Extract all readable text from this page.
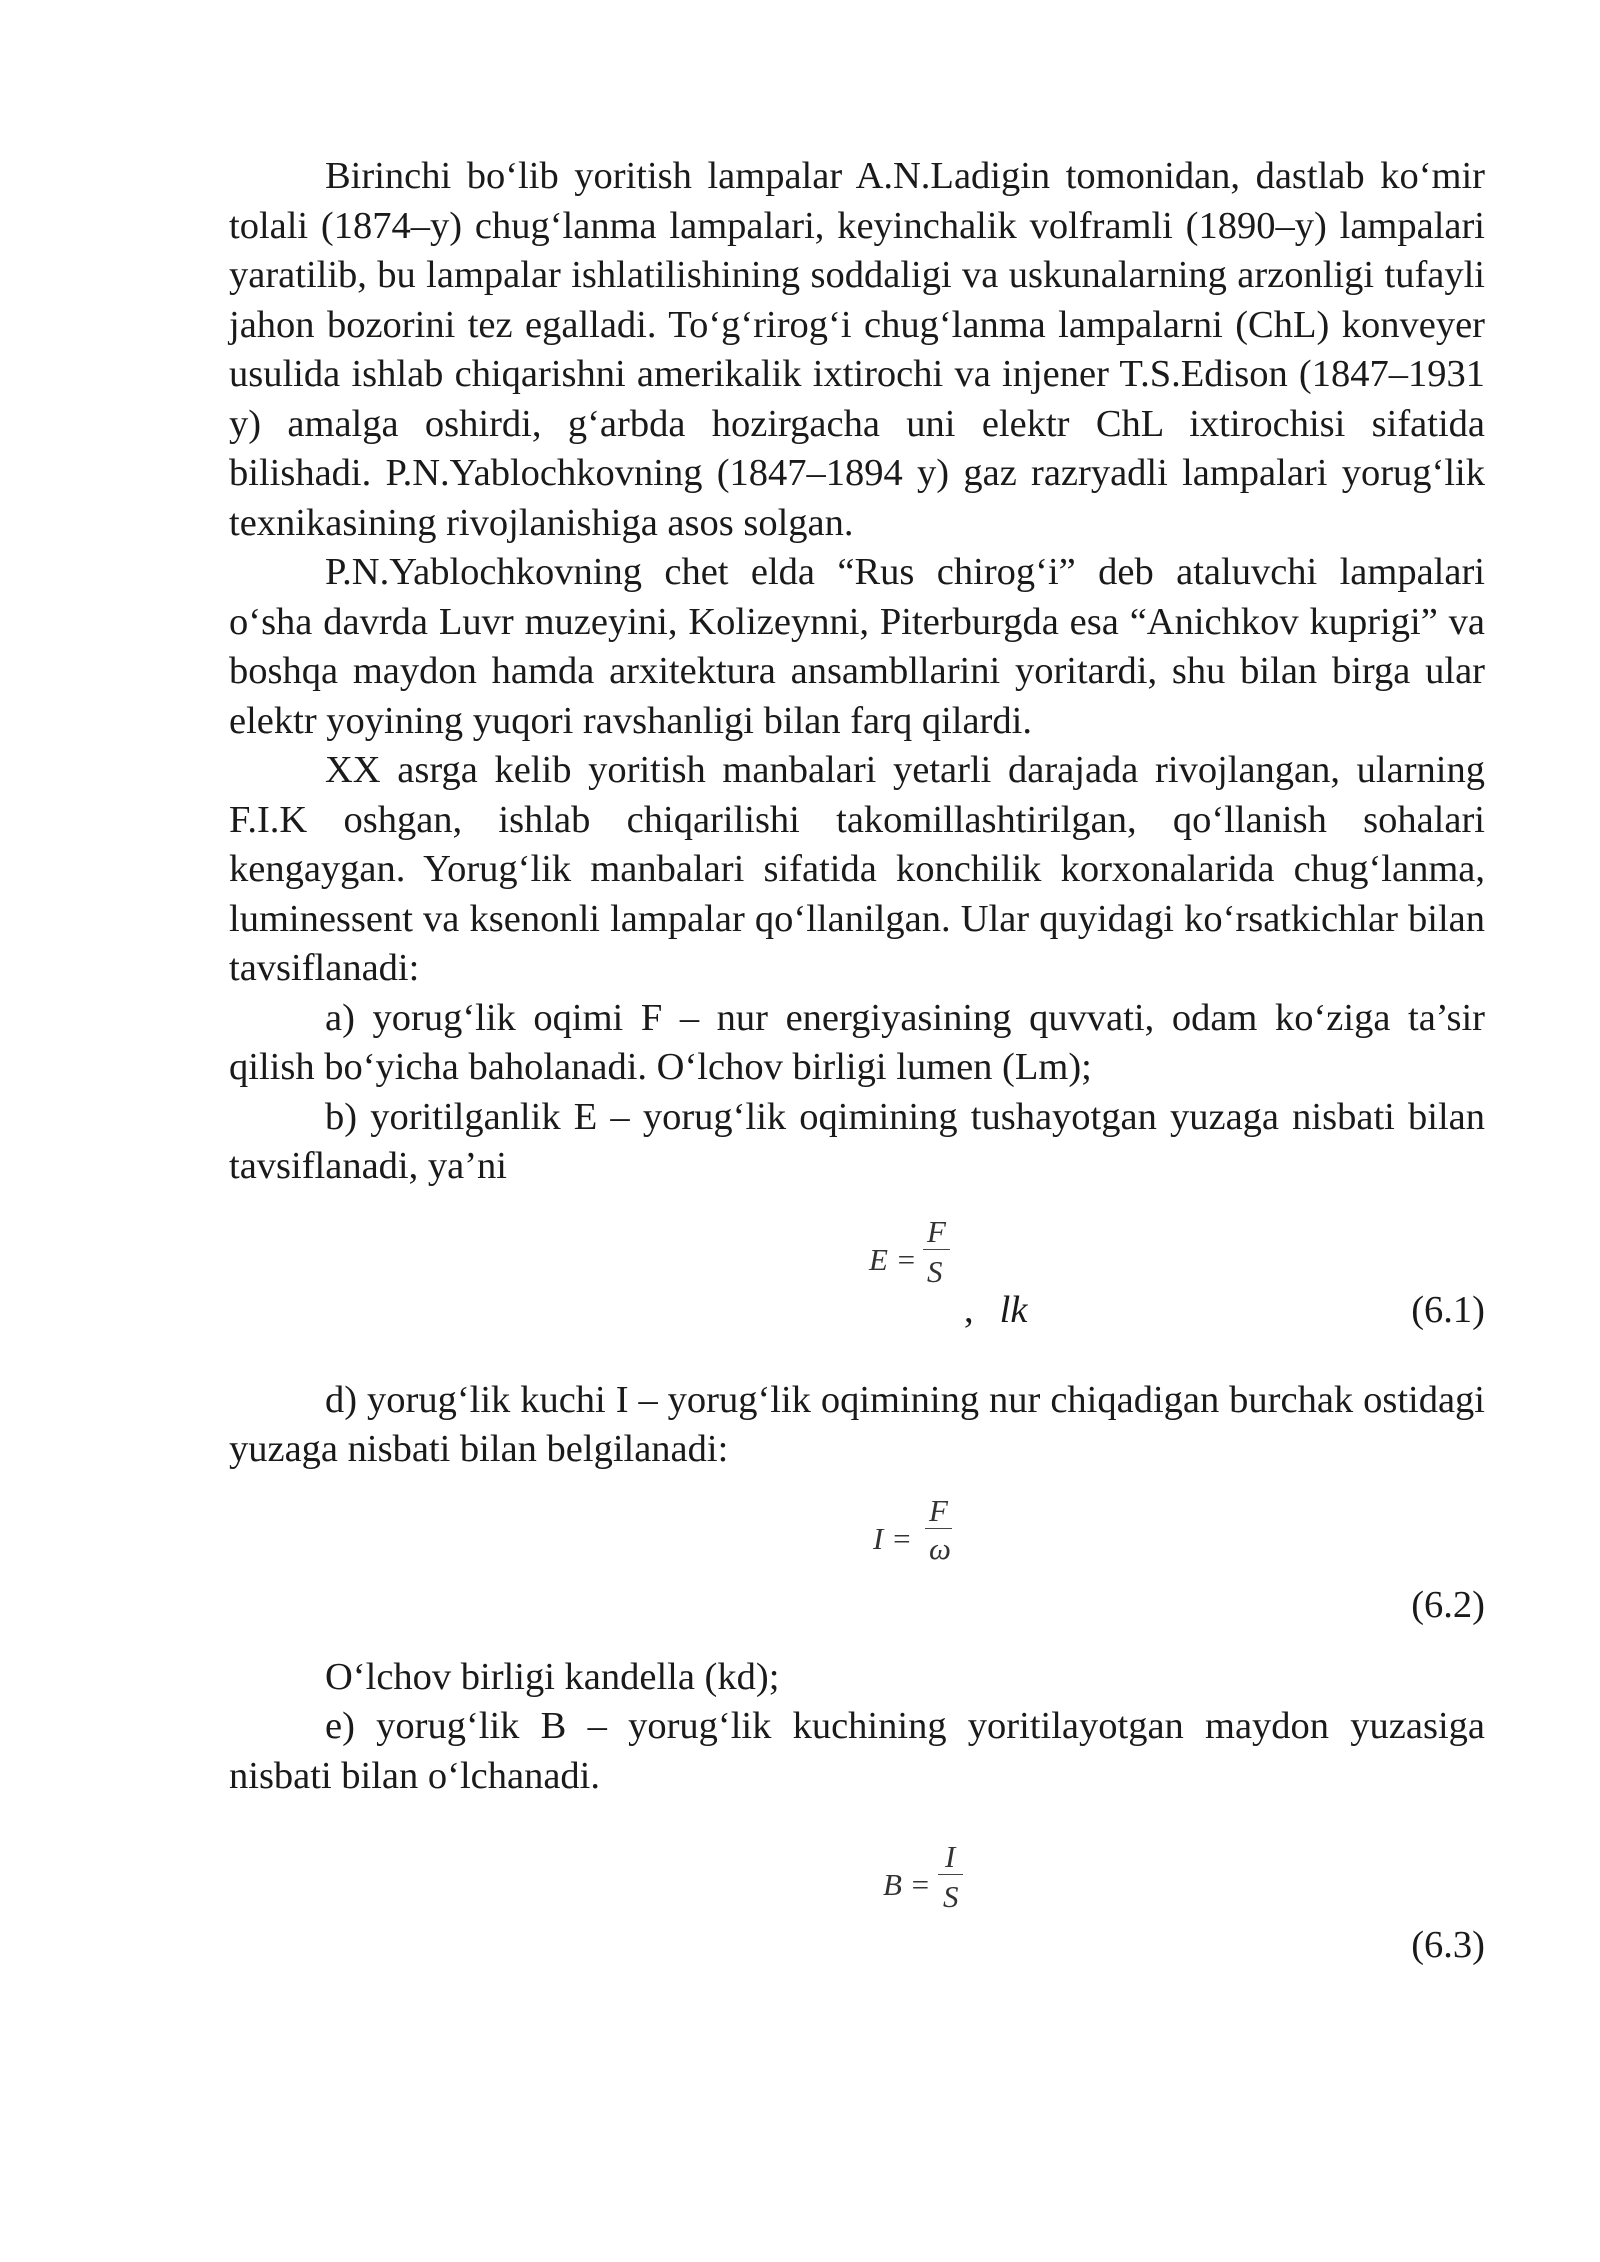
Birinchi bo‘lib yoritish lampalar A.N.Ladigin tomonidan, dastlab ko‘mir tolali (1874–y) chug‘lanma lampalari, keyinchalik volframli (1890–y) lampalari yaratilib, bu lampalar ishlatilishining soddaligi va uskunalarning arzonligi tufayli jahon bozorini tez egalladi. To‘g‘rirog‘i chug‘lanma lampalarni (ChL) konveyer usulida ishlab chiqarishni amerikalik ixtirochi va injener T.S.Edison (1847–1931 y) amalga oshirdi, g‘arbda hozirgacha uni elektr ChL ixtirochisi sifatida bilishadi. P.N.Yablochkovning (1847–1894 y) gaz razryadli lampalari yorug‘lik texnikasining rivojlanishiga asos solgan.

P.N.Yablochkovning chet elda “Rus chirog‘i” deb ataluvchi lampalari o‘sha davrda Luvr muzeyini, Kolizeynni, Piterburgda esa “Anichkov kuprigi” va boshqa maydon hamda arxitektura ansambllarini yoritardi, shu bilan birga ular elektr yoyining yuqori ravshanligi bilan farq qilardi.

XX asrga kelib yoritish manbalari yetarli darajada rivojlangan, ularning F.I.K oshgan, ishlab chiqarilishi takomillashtirilgan, qo‘llanish sohalari kengaygan. Yorug‘lik manbalari sifatida konchilik korxonalarida chug‘lanma, luminessent va ksenonli lampalar qo‘llanilgan. Ular quyidagi ko‘rsatkichlar bilan tavsiflanadi:

a) yorug‘lik oqimi F – nur energiyasining quvvati, odam ko‘ziga ta’sir qilish bo‘yicha baholanadi. O‘lchov birligi lumen (Lm);

b) yoritilganlik E – yorug‘lik oqimining tushayotgan yuzaga nisbati bilan tavsiflanadi, ya’ni

E =
F
S
, lk	(6.1)

d) yorug‘lik kuchi I – yorug‘lik oqimining nur chiqadigan burchak ostidagi yuzaga nisbati bilan belgilanadi:

I =
F
ω
(6.2)

O‘lchov birligi kandella (kd);

e) yorug‘lik B – yorug‘lik kuchining yoritilayotgan maydon yuzasiga nisbati bilan o‘lchanadi.

B =
I
S
(6.3)
